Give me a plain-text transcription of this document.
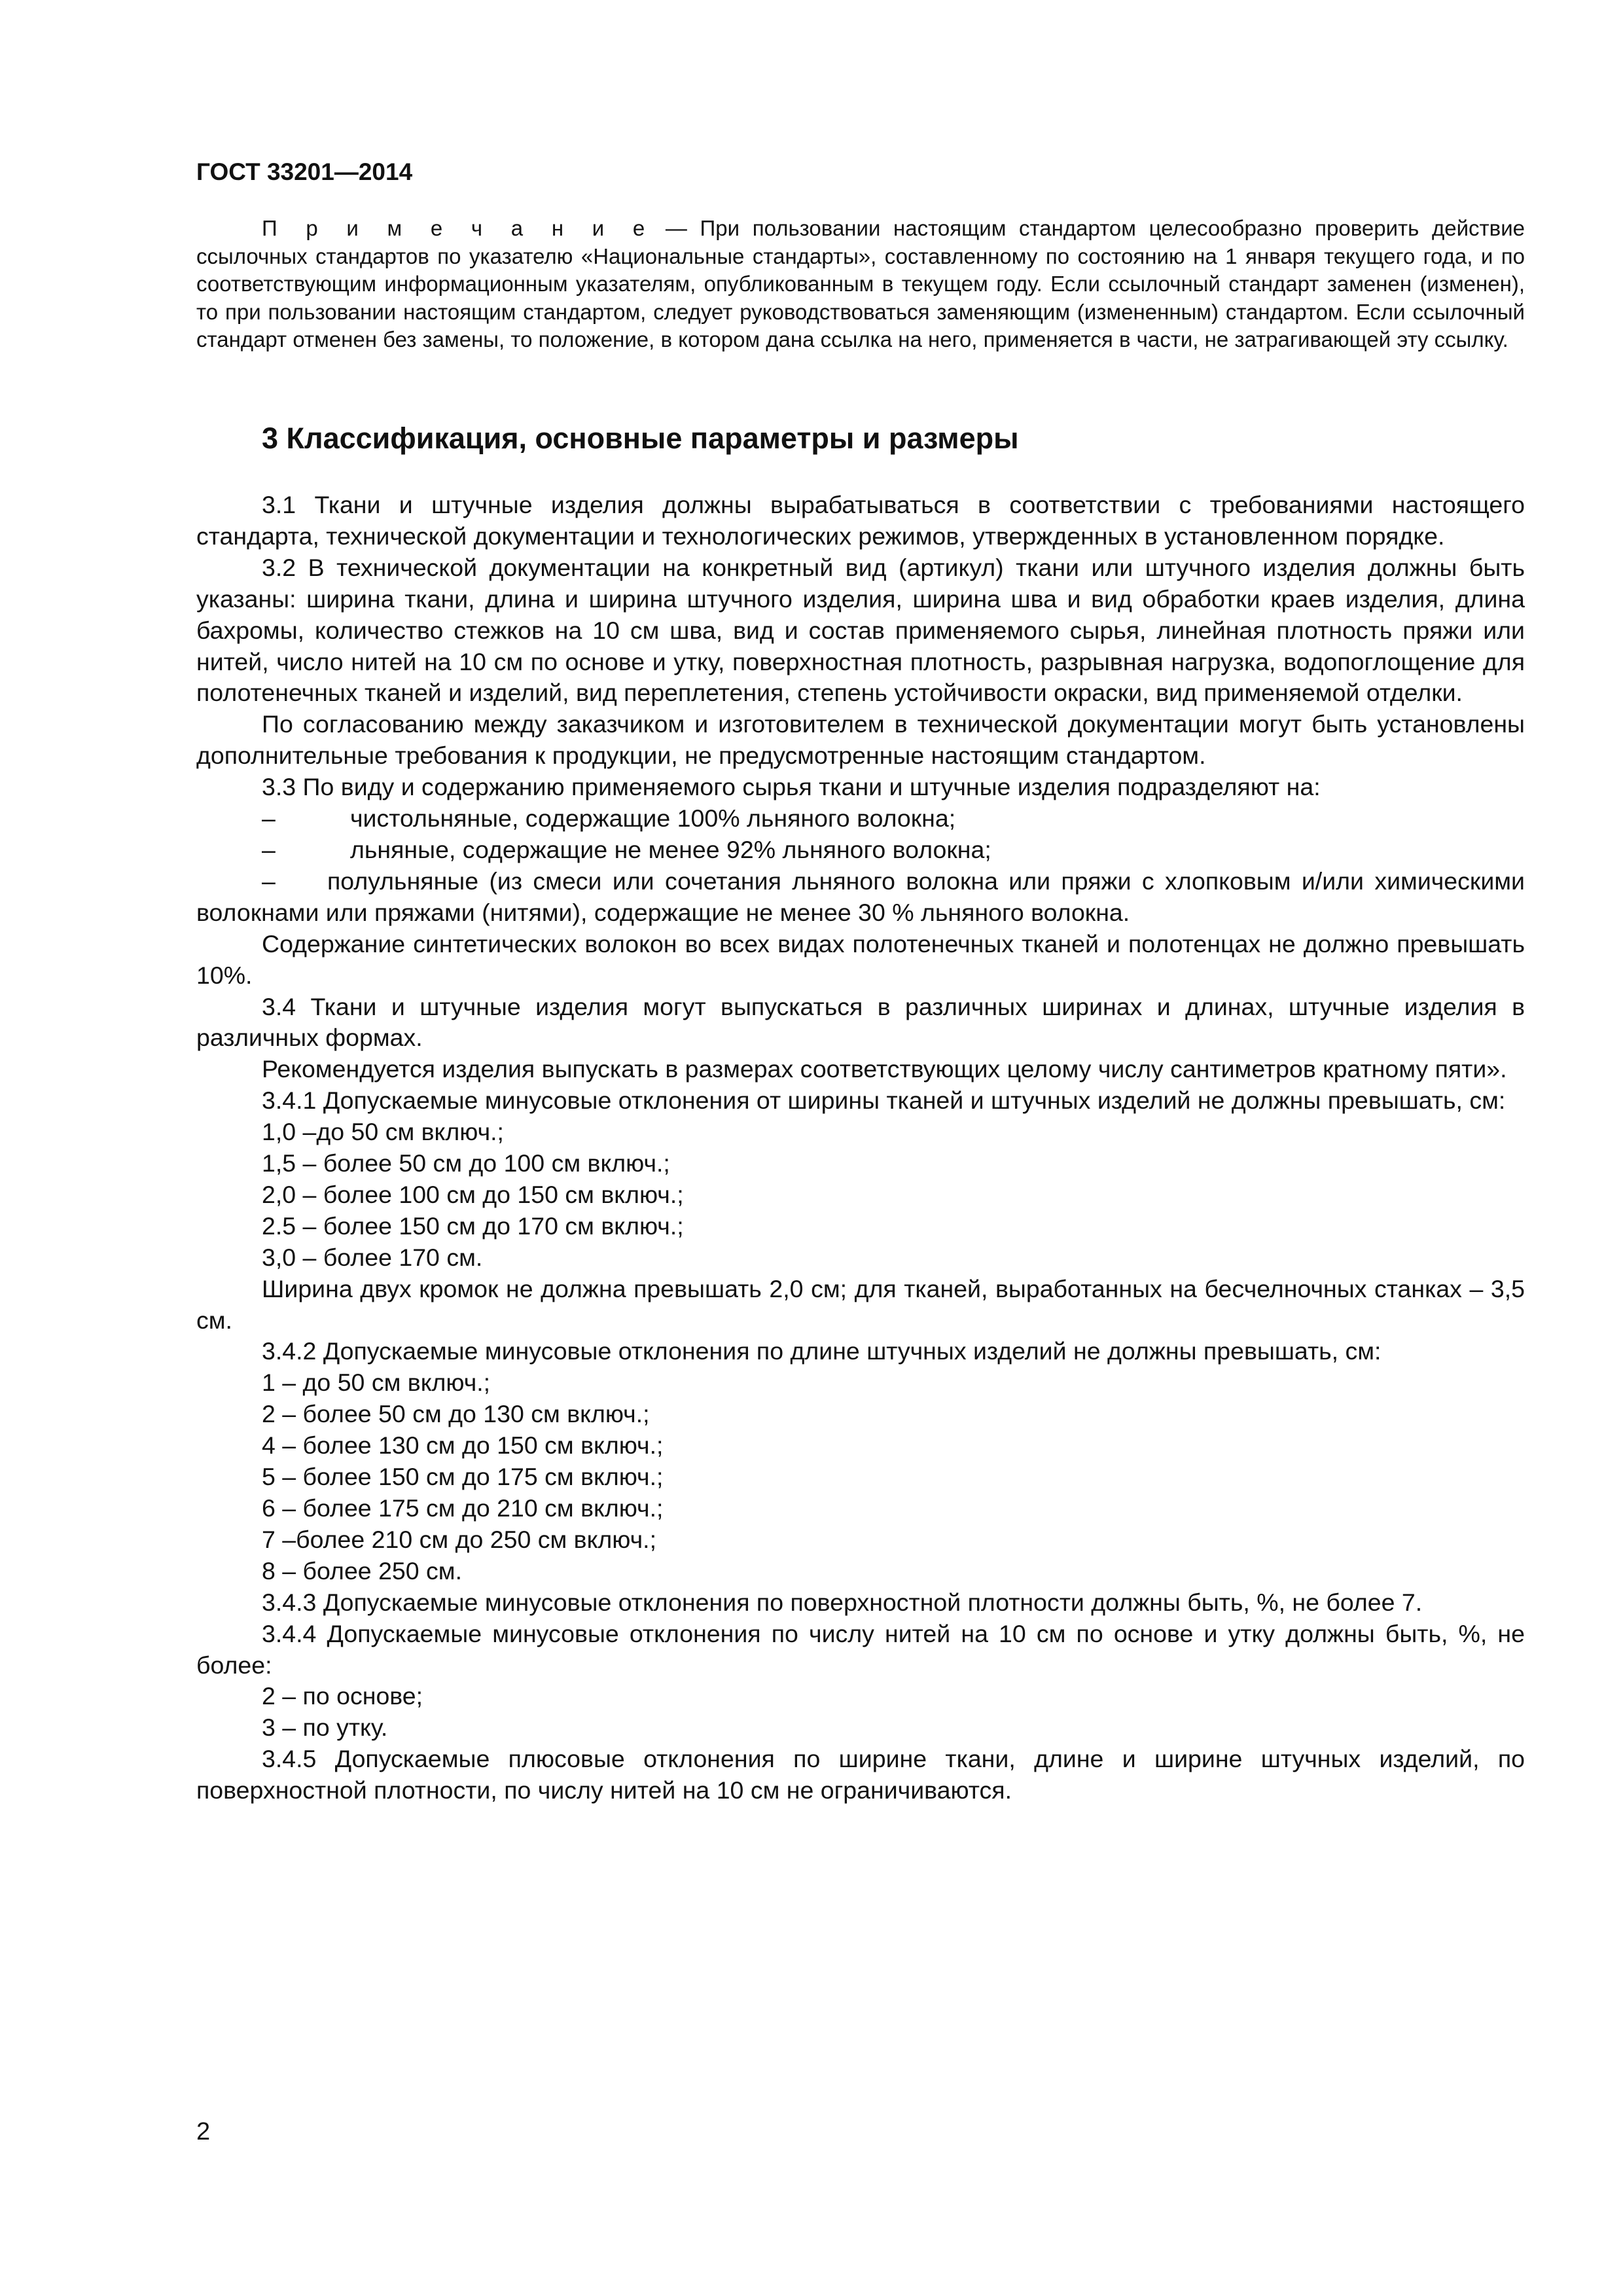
ГОСТ 33201—2014

П р и м е ч а н и е — При пользовании настоящим стандартом целесообразно проверить действие ссылочных стандартов по указателю «Национальные стандарты», составленному по состоянию на 1 января текущего года, и по соответствующим информационным указателям, опубликованным в текущем году. Если ссылочный стандарт заменен (изменен), то при пользовании настоящим стандартом, следует руководствоваться заменяющим (измененным) стандартом. Если ссылочный стандарт отменен без замены, то положение, в котором дана ссылка на него, применяется в части, не затрагивающей эту ссылку.

3 Классификация, основные параметры и размеры

3.1 Ткани и штучные изделия должны вырабатываться в соответствии с требованиями настоящего стандарта, технической документации и технологических режимов, утвержденных в установленном порядке.

3.2 В технической документации на конкретный вид (артикул) ткани или штучного изделия должны быть указаны: ширина ткани, длина и ширина штучного изделия, ширина шва и вид обработки краев изделия, длина бахромы, количество стежков на 10 см шва, вид и состав применяемого сырья, линейная плотность пряжи или нитей, число нитей на 10 см по основе и утку, поверхностная плотность, разрывная нагрузка, водопоглощение для полотенечных тканей и изделий, вид переплетения, степень устойчивости окраски, вид применяемой отделки.

По согласованию между заказчиком и изготовителем в технической документации могут быть установлены дополнительные требования к продукции, не предусмотренные настоящим стандартом.

3.3 По виду и содержанию применяемого сырья ткани и штучные изделия подразделяют на:

–	чистольняные, содержащие 100% льняного волокна;

–	льняные, содержащие не менее 92% льняного волокна;

– полульняные (из смеси или сочетания льняного волокна или пряжи с хлопковым и/или химическими волокнами или пряжами (нитями), содержащие не менее 30 % льняного волокна.

Содержание синтетических волокон во всех видах полотенечных тканей и полотенцах не должно превышать 10%.

3.4 Ткани и штучные изделия могут выпускаться в различных ширинах и длинах, штучные изделия в различных формах.

Рекомендуется изделия выпускать в размерах соответствующих целому числу сантиметров кратному пяти».

3.4.1 Допускаемые минусовые отклонения от ширины тканей и штучных изделий не должны превышать, см:

1,0 –до 50 см включ.;

1,5 – более 50 см до 100 см включ.;

2,0 – более 100 см до 150 см включ.;

2.5 – более 150 см до 170 см включ.;

3,0 – более 170 см.

Ширина двух кромок не должна превышать 2,0 см; для тканей, выработанных на бесчелночных станках – 3,5 см.

3.4.2 Допускаемые минусовые отклонения по длине штучных изделий не должны превышать, см:

1 – до 50 см включ.;

2 – более 50 см до 130 см включ.;

4 – более 130 см до 150 см включ.;

5 – более 150 см до 175 см включ.;

6 – более 175 см до 210 см включ.;

7 –более 210 см до 250 см включ.;

8 – более 250 см.

3.4.3 Допускаемые минусовые отклонения по поверхностной плотности должны быть, %, не более 7.

3.4.4 Допускаемые минусовые отклонения по числу нитей на 10 см по основе и утку должны быть, %, не более:

2 – по основе;

3 – по утку.

3.4.5 Допускаемые плюсовые отклонения по ширине ткани, длине и ширине штучных изделий, по поверхностной плотности, по числу нитей на 10 см не ограничиваются.

2
